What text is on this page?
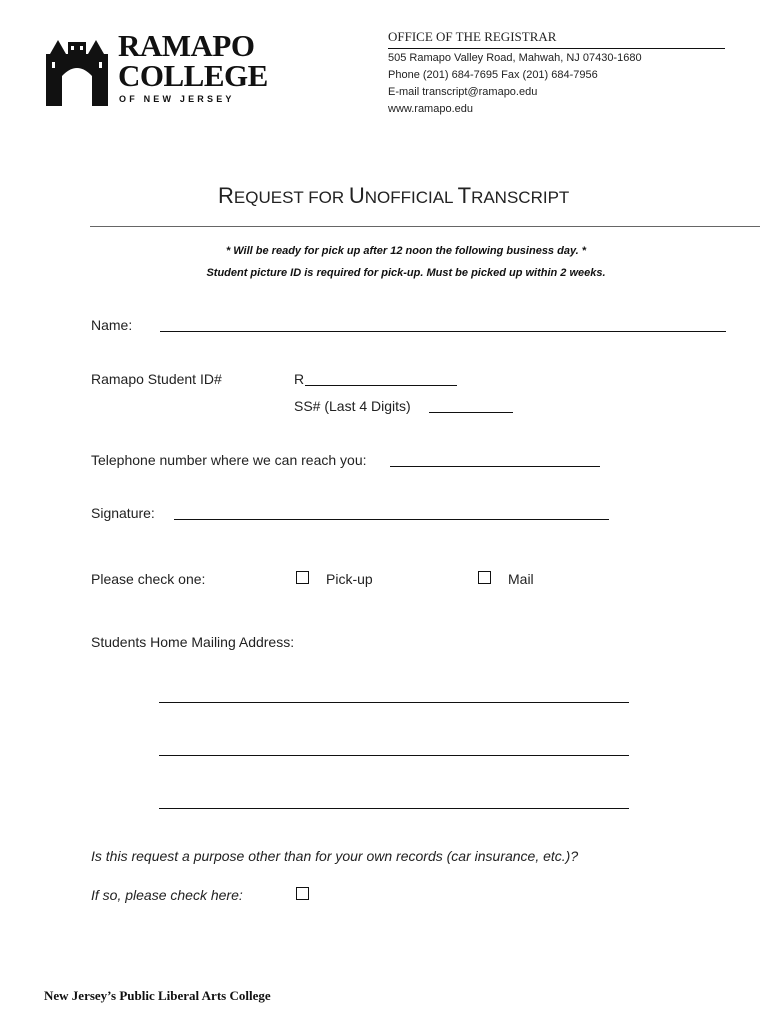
RAMAPO
COLLEGE
OF NEW JERSEY
OFFICE OF THE REGISTRAR
505 Ramapo Valley Road, Mahwah, NJ 07430-1680
Phone (201) 684-7695 Fax (201) 684-7956
E-mail transcript@ramapo.edu
www.ramapo.edu
REQUEST FOR UNOFFICIAL TRANSCRIPT
* Will be ready for pick up after 12 noon the following business day. *
Student picture ID is required for pick-up. Must be picked up within 2 weeks.
Name:
Ramapo Student ID#	R
SS# (Last 4 Digits)
Telephone number where we can reach you:
Signature:
Please check one:	Pick-up	Mail
Students Home Mailing Address:
Is this request a purpose other than for your own records (car insurance, etc.)?
If so, please check here:
New Jersey’s Public Liberal Arts College
